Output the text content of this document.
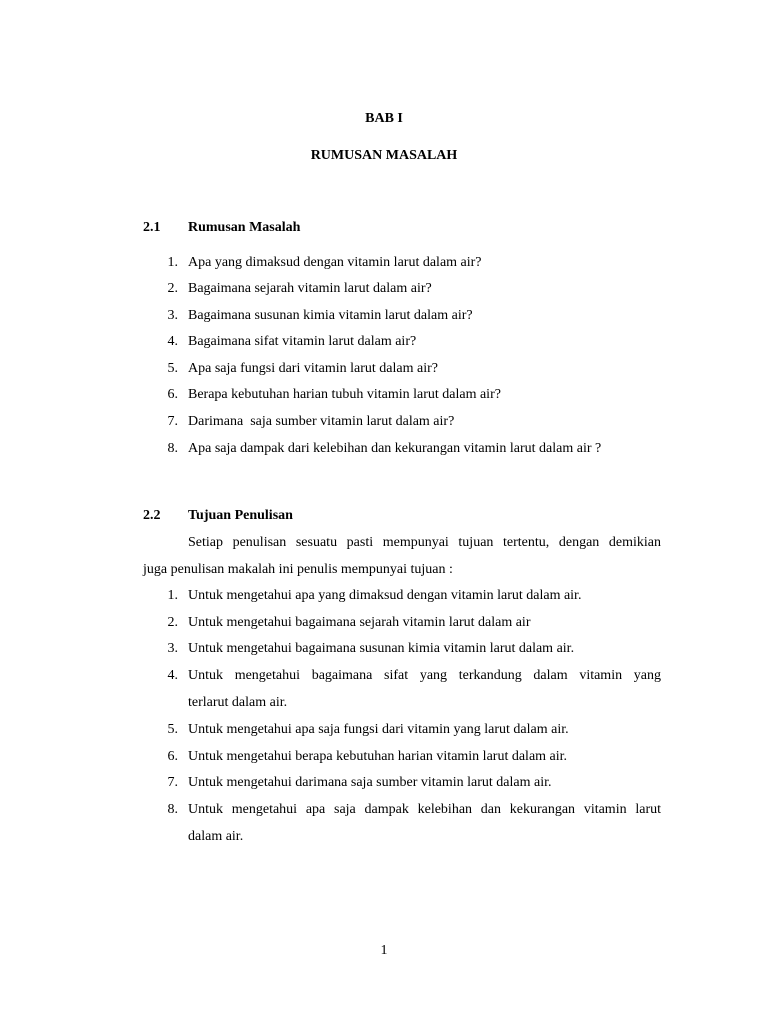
BAB I
RUMUSAN MASALAH
2.1 Rumusan Masalah
1. Apa yang dimaksud dengan vitamin larut dalam air?
2. Bagaimana sejarah vitamin larut dalam air?
3. Bagaimana susunan kimia vitamin larut dalam air?
4. Bagaimana sifat vitamin larut dalam air?
5. Apa saja fungsi dari vitamin larut dalam air?
6. Berapa kebutuhan harian tubuh vitamin larut dalam air?
7. Darimana  saja sumber vitamin larut dalam air?
8. Apa saja dampak dari kelebihan dan kekurangan vitamin larut dalam air ?
2.2 Tujuan Penulisan
Setiap penulisan sesuatu pasti mempunyai tujuan tertentu, dengan demikian
juga penulisan makalah ini penulis mempunyai tujuan :
1. Untuk mengetahui apa yang dimaksud dengan vitamin larut dalam air.
2. Untuk mengetahui bagaimana sejarah vitamin larut dalam air
3. Untuk mengetahui bagaimana susunan kimia vitamin larut dalam air.
4. Untuk mengetahui bagaimana sifat yang terkandung dalam vitamin yang
terlarut dalam air.
5. Untuk mengetahui apa saja fungsi dari vitamin yang larut dalam air.
6. Untuk mengetahui berapa kebutuhan harian vitamin larut dalam air.
7. Untuk mengetahui darimana saja sumber vitamin larut dalam air.
8. Untuk mengetahui apa saja dampak kelebihan dan kekurangan vitamin larut
dalam air.
1
